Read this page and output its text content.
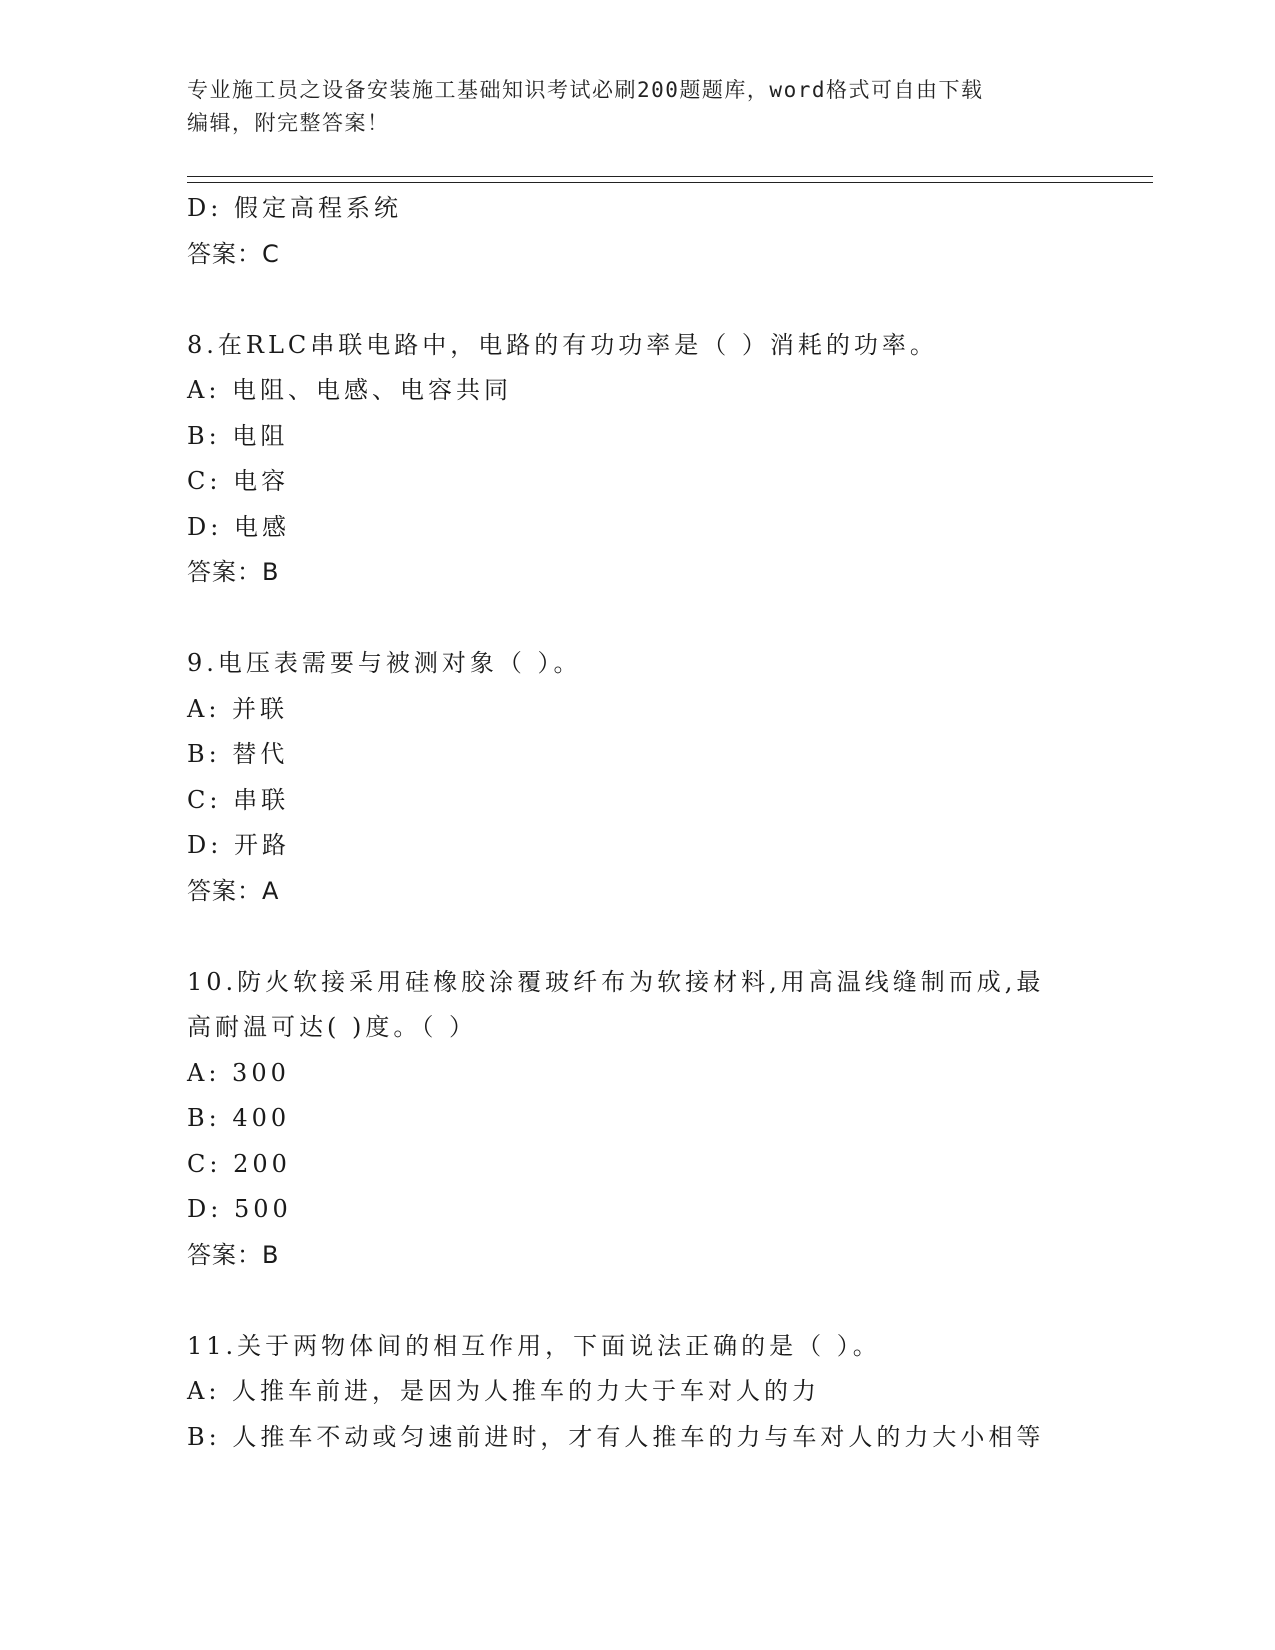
专业施工员之设备安装施工基础知识考试必刷200题题库，word格式可自由下载
编辑，附完整答案！
D: 假定高程系统
答案：C
8.在RLC串联电路中，电路的有功功率是（ ）消耗的功率。
A: 电阻、电感、电容共同
B: 电阻
C: 电容
D: 电感
答案：B
9.电压表需要与被测对象（ ）。
A: 并联
B: 替代
C: 串联
D: 开路
答案：A
10.防火软接采用硅橡胶涂覆玻纤布为软接材料,用高温线缝制而成,最
高耐温可达( )度。（ ）
A: 300
B: 400
C: 200
D: 500
答案：B
11.关于两物体间的相互作用，下面说法正确的是（ ）。
A: 人推车前进，是因为人推车的力大于车对人的力
B: 人推车不动或匀速前进时，才有人推车的力与车对人的力大小相等
